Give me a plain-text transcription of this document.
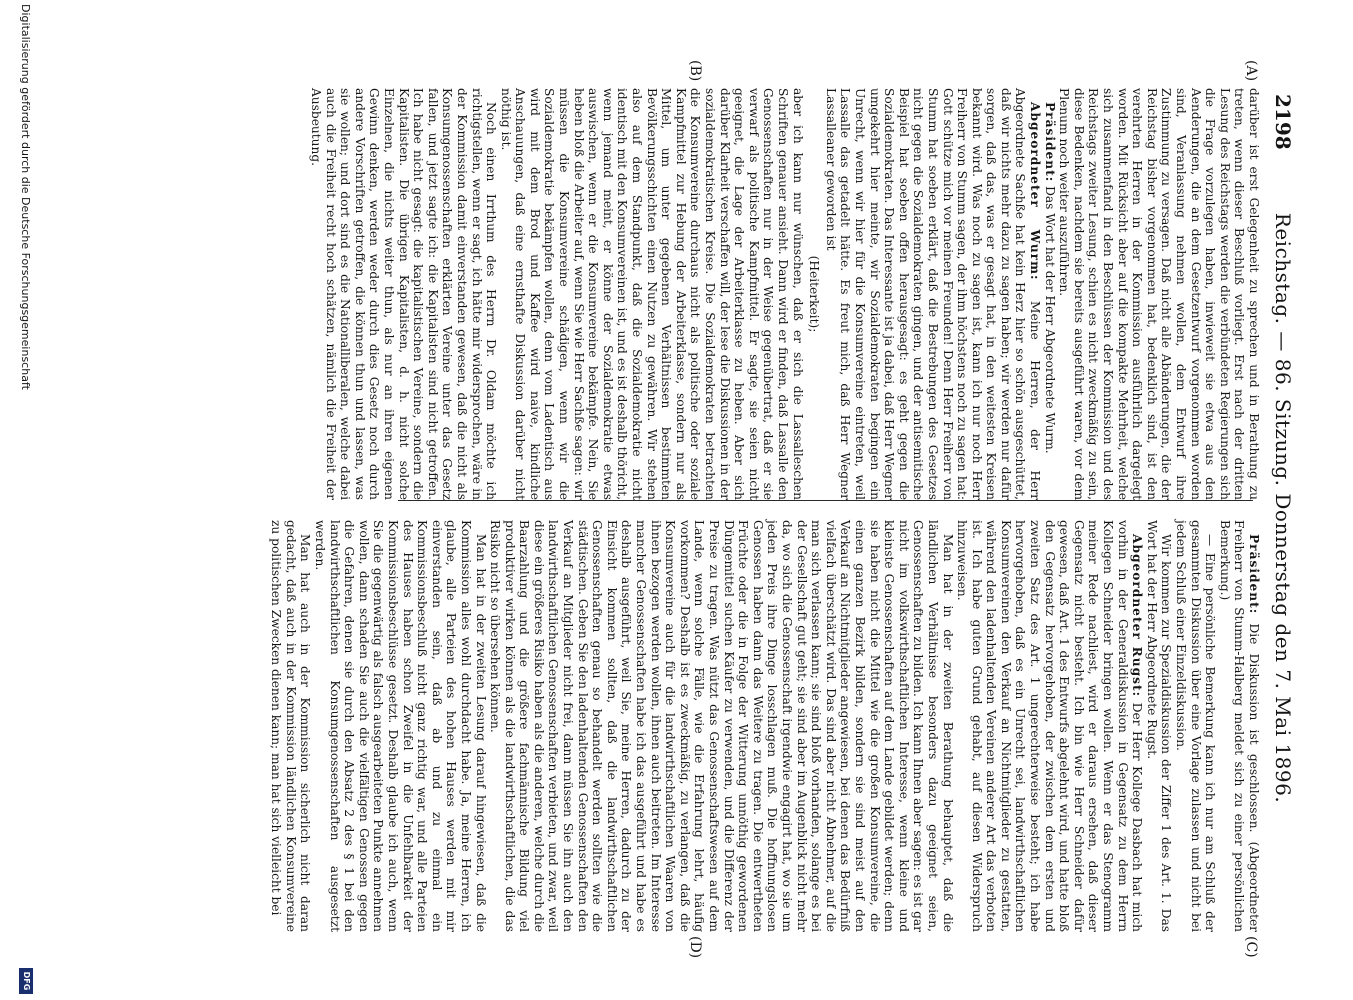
2198
Reichstag. — 86. Sitzung. Donnerstag den 7. Mai 1896.
(A)
(B)
(C)
(D)

darüber ist erst Gelegenheit zu sprechen und in Berathung zu treten, wenn dieser Beschluß vorliegt. Erst nach der dritten Lesung des Reichstags werden die verbündeten Regierungen sich die Frage vorzulegen haben, inwieweit sie etwa aus den Aenderungen, die an dem Gesetzentwurf vorgenommen worden sind, Veranlassung nehmen wollen, dem Entwurf ihre Zustimmung zu versagen. Daß nicht alle Abänderungen, die der Reichstag bisher vorgenommen hat, bedenklich sind, ist den verehrten Herren in der Kommission ausführlich dargelegt worden. Mit Rücksicht aber auf die kompakte Mehrheit, welche sich zusammenfand in den Beschlüssen der Kommission und des Reichstags zweiter Lesung, schien es nicht zweckmäßig zu sein, diese Bedenken, nachdem sie bereits ausgeführt waren, vor dem Plenum noch weiter auszuführen.

Präsident: Das Wort hat der Herr Abgeordnete Wurm.

Abgeordneter Wurm: Meine Herren, der Herr Abgeordnete Sachße hat kein Herz hier so schön ausgeschüttet, daß wir nichts mehr dazu zu sagen haben; wir werden nur dafür sorgen, daß das, was er gesagt hat, in den weitesten Kreisen bekannt wird. Was noch zu sagen ist, kann ich nur noch Herr Freiherr von Stumm sagen, der ihm höchstens noch zu sagen hat: Gott schütze mich vor meinen Freunden! Denn Herr Freiherr von Stumm hat soeben erklärt, daß die Bestrebungen des Gesetzes nicht gegen die Sozialdemokraten gingen, und der antisemitische Beispiel hat soeben offen herausgesagt: es geht gegen die Sozialdemokraten. Das Interessante ist ja dabei, daß Herr Wegner umgekehrt hier meinte, wir Sozialdemokraten begingen ein Unrecht, wenn wir hier für die Konsumvereine eintreten, weil Lassalle das getadelt hätte. Es freut mich, daß Herr Wegner Lassalleaner geworden ist

(Heiterkeit);

aber ich kann nur wünschen, daß er sich die Lassalleschen Schriften genauer ansieht. Dann wird er finden, daß Lassalle den Genossenschaften nur in der Weise gegenübertrat, daß er sie verwarf als politische Kampfmittel. Er sagte, sie seien nicht geeignet, die Lage der Arbeiterklasse zu heben. Aber sich darüber Klarheit verschaffen will, der lese die Diskussionen in der sozialdemokratischen Kreise. Die Sozialdemokraten betrachten die Konsumvereine durchaus nicht als politische oder soziale Kampfmittel zur Hebung der Arbeiterklasse, sondern nur als Mittel, um unter gegebenen Verhältnissen bestimmten Bevölkerungsschichten einen Nutzen zu gewähren. Wir stehen also auf dem Standpunkt, daß die Sozialdemokratie nicht identisch mit den Konsumvereinen ist, und es ist deshalb thöricht, wenn jemand meint, er könne der Sozialdemokratie etwas auswischen, wenn er die Konsumvereine bekämpfe. Nein, Sie heben bloß die Arbeiter auf, wenn Sie wie Herr Sachße sagen: wir müssen die Konsumvereine schädigen, wenn wir die Sozialdemokratie bekämpfen wollen, denn vom Ladentisch aus wird mit dem Brod und Kaffee wird naive, kindliche Anschauungen, daß eine ernsthafte Diskussion darüber nicht nöthig ist.

Noch einen Irrthum des Herrn Dr. Oldam möchte ich richtigstellen, wenn er sagt, ich hätte mir widersprochen, wäre in der Kommission damit einverstanden gewesen, daß die nicht als Konsumgenossenschaften erklärten Vereine unter das Gesetz fallen, und jetzt sagte ich: die Kapitalisten sind nicht getroffen. Ich habe nicht gesagt: die kapitalistischen Vereine, sondern die Kapitalisten. Die übrigen Kapitalisten, d. h. nicht solche Einzelnen, die nichts weiter thun, als nur an ihren eigenen Gewinn denken, werden weder durch dies Gesetz noch durch andere Vorschriften getroffen, die können thun und lassen, was sie wollen; und dort sind es die Nationalliberalen, welche dabei auch die Freiheit recht hoch schätzen, nämlich die Freiheit der Ausbeutung.

Präsident: Die Diskussion ist geschlossen. (Abgeordneter Freiherr von Stumm-Halberg meldet sich zu einer persönlichen Bemerkung.)

— Eine persönliche Bemerkung kann ich nur am Schluß der gesammten Diskussion über eine Vorlage zulassen und nicht bei jedem Schluß einer Einzeldiskussion.

Wir kommen zur Spezialdiskussion der Ziffer 1 des Art. 1. Das Wort hat der Herr Abgeordnete Rugst.

Abgeordneter Rugst: Der Herr Kollege Dasbach hat mich vorhin in der Generaldiskussion in Gegensatz zu dem Herrn Kollegen Schneider bringen wollen. Wenn er das Stenogramm meiner Rede nachliest, wird er daraus ersehen, daß dieser Gegensatz nicht besteht. Ich bin wie Herr Schneider dafür gewesen, daß Art. 1 des Entwurfs abgelehnt wird, und hatte bloß den Gegensatz hervorgehoben, der zwischen dem ersten und zweiten Satz des Art. 1 ungerechterweise besteht; ich habe hervorgehoben, daß es ein Unrecht sei, landwirthschaftlichen Konsumvereinen den Verkauf an Nichtmitglieder zu gestatten, während den ladenhaltenden Vereinen anderer Art das verboten ist. Ich habe guten Grund gehabt, auf diesen Widerspruch hinzuweisen.

Man hat in der zweiten Berathung behauptet, daß die ländlichen Verhältnisse besonders dazu geeignet seien, Genossenschaften zu bilden. Ich kann Ihnen aber sagen: es ist gar nicht im volkswirthschaftlichen Interesse, wenn kleine und kleinste Genossenschaften auf dem Lande gebildet werden; denn sie haben nicht die Mittel wie die großen Konsumvereine, die einen ganzen Bezirk bilden, sondern sie sind meist auf den Verkauf an Nichtmitglieder angewiesen, bei denen das Bedürfniß vielfach überschätzt wird. Das sind aber nicht Abnehmer, auf die man sich verlassen kann; sie sind bloß vorhanden, solange es bei der Gesellschaft gut geht; sie sind aber im Augenblick nicht mehr da, wo sich die Genossenschaft irgendwie engagirt hat, wo sie um jeden Preis ihre Dinge losschlagen muß. Die hoffnungslosen Genossen haben dann das Weitere zu tragen. Die entwertheten Früchte oder die in Folge der Witterung unnöthig gewordenen Düngemittel suchen Käufer zu verwenden, und die Differenz der Preise zu tragen. Was nützt das Genossenschaftswesen auf dem Lande, wenn solche Fälle, wie die Erfahrung lehrt, häufig vorkommen? Deshalb ist es zweckmäßig, zu verlangen, daß die Konsumvereine auch für die landwirthschaftlichen Waaren von ihnen bezogen werden wollen, ihnen auch beitreten. Im Interesse mancher Genossenschaften habe ich das ausgeführt und habe es deshalb ausgeführt, weil Sie, meine Herren, dadurch zu der Einsicht kommen sollten, daß die landwirthschaftlichen Genossenschaften genau so behandelt werden sollten wie die städtischen. Geben Sie den ladenhaltenden Genossenschaften den Verkauf an Mitglieder nicht frei, dann müssen Sie ihn auch den landwirthschaftlichen Genossenschaften verbieten, und zwar, weil diese ein größeres Risiko haben als die anderen, welche durch die Baarzahlung und die größere fachmännische Bildung viel produktiver wirken können als die landwirthschaftlichen, die das Risiko nicht so übersehen können.

Man hat in der zweiten Lesung darauf hingewiesen, daß die Kommission alles wohl durchdacht habe. Ja, meine Herren, ich glaube, alle Parteien des hohen Hauses werden mit mir einverstanden sein, daß ab und zu einmal ein Kommissionsbeschluß nicht ganz richtig war, und alle Parteien des Hauses haben schon Zweifel in die Unfehlbarkeit der Kommissionsbeschlüsse gesetzt. Deshalb glaube ich auch, wenn Sie die gegenwärtig als falsch ausgearbeiteten Punkte annehmen wollen, dann schaden Sie auch die vielfältigen Genossen gegen die Gefahren, denen sie durch den Absatz 2 des § 1 bei den landwirthschaftlichen Konsumgenossenschaften ausgesetzt werden.

Man hat auch in der Kommission sicherlich nicht daran gedacht, daß auch in der Kommission ländlichen Konsumvereine zu politischen Zwecken dienen kann; man hat sich vielleicht bei

Digitalisierung gefördert durch die Deutsche Forschungsgemeinschaft
DFG
